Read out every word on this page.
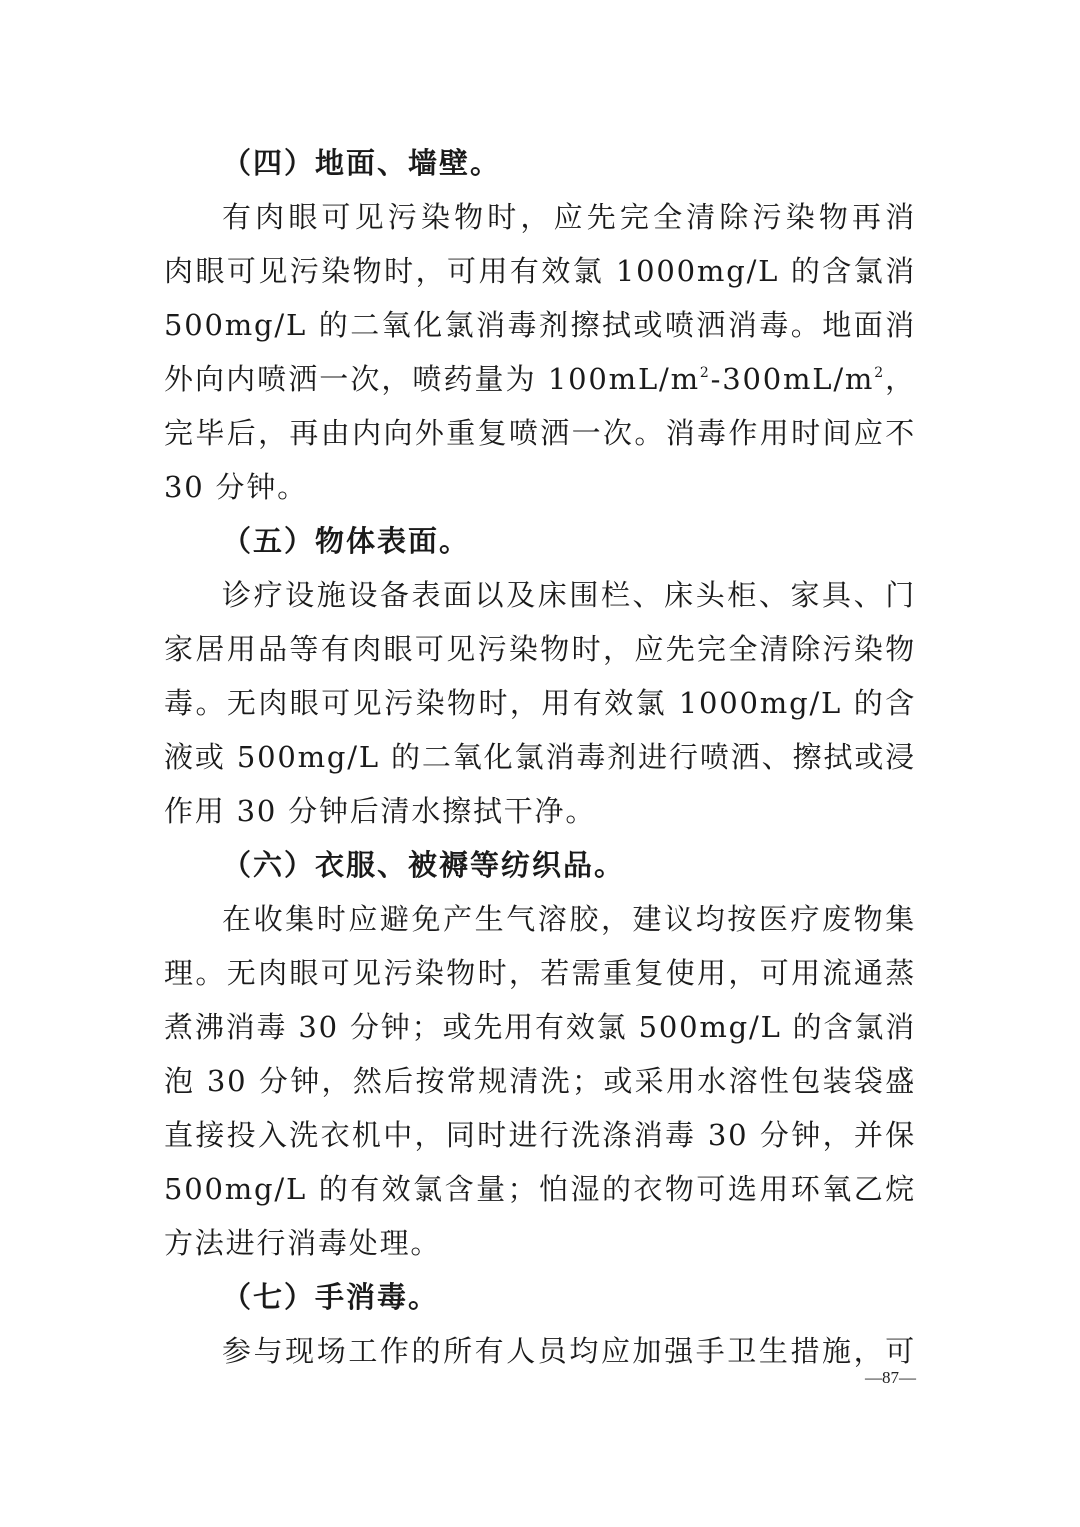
（四）地面、墙壁。
有肉眼可见污染物时，应先完全清除污染物再消
肉眼可见污染物时，可用有效氯 1000mg/L 的含氯消
500mg/L 的二氧化氯消毒剂擦拭或喷洒消毒。地面消
外向内喷洒一次，喷药量为 $100mL/m^2-300mL/m^2$，
完毕后，再由内向外重复喷洒一次。消毒作用时间应不
30 分钟。
（五）物体表面。
诊疗设施设备表面以及床围栏、床头柜、家具、门
家居用品等有肉眼可见污染物时，应先完全清除污染物
毒。无肉眼可见污染物时，用有效氯 1000mg/L 的含
液或 500mg/L 的二氧化氯消毒剂进行喷洒、擦拭或浸
作用 30 分钟后清水擦拭干净。
（六）衣服、被褥等纺织品。
在收集时应避免产生气溶胶，建议均按医疗废物集
理。无肉眼可见污染物时，若需重复使用，可用流通蒸
煮沸消毒 30 分钟；或先用有效氯 500mg/L 的含氯消
泡 30 分钟，然后按常规清洗；或采用水溶性包装袋盛
直接投入洗衣机中，同时进行洗涤消毒 30 分钟，并保
500mg/L 的有效氯含量；怕湿的衣物可选用环氧乙烷
方法进行消毒处理。
（七）手消毒。
参与现场工作的所有人员均应加强手卫生措施，可
—87—
